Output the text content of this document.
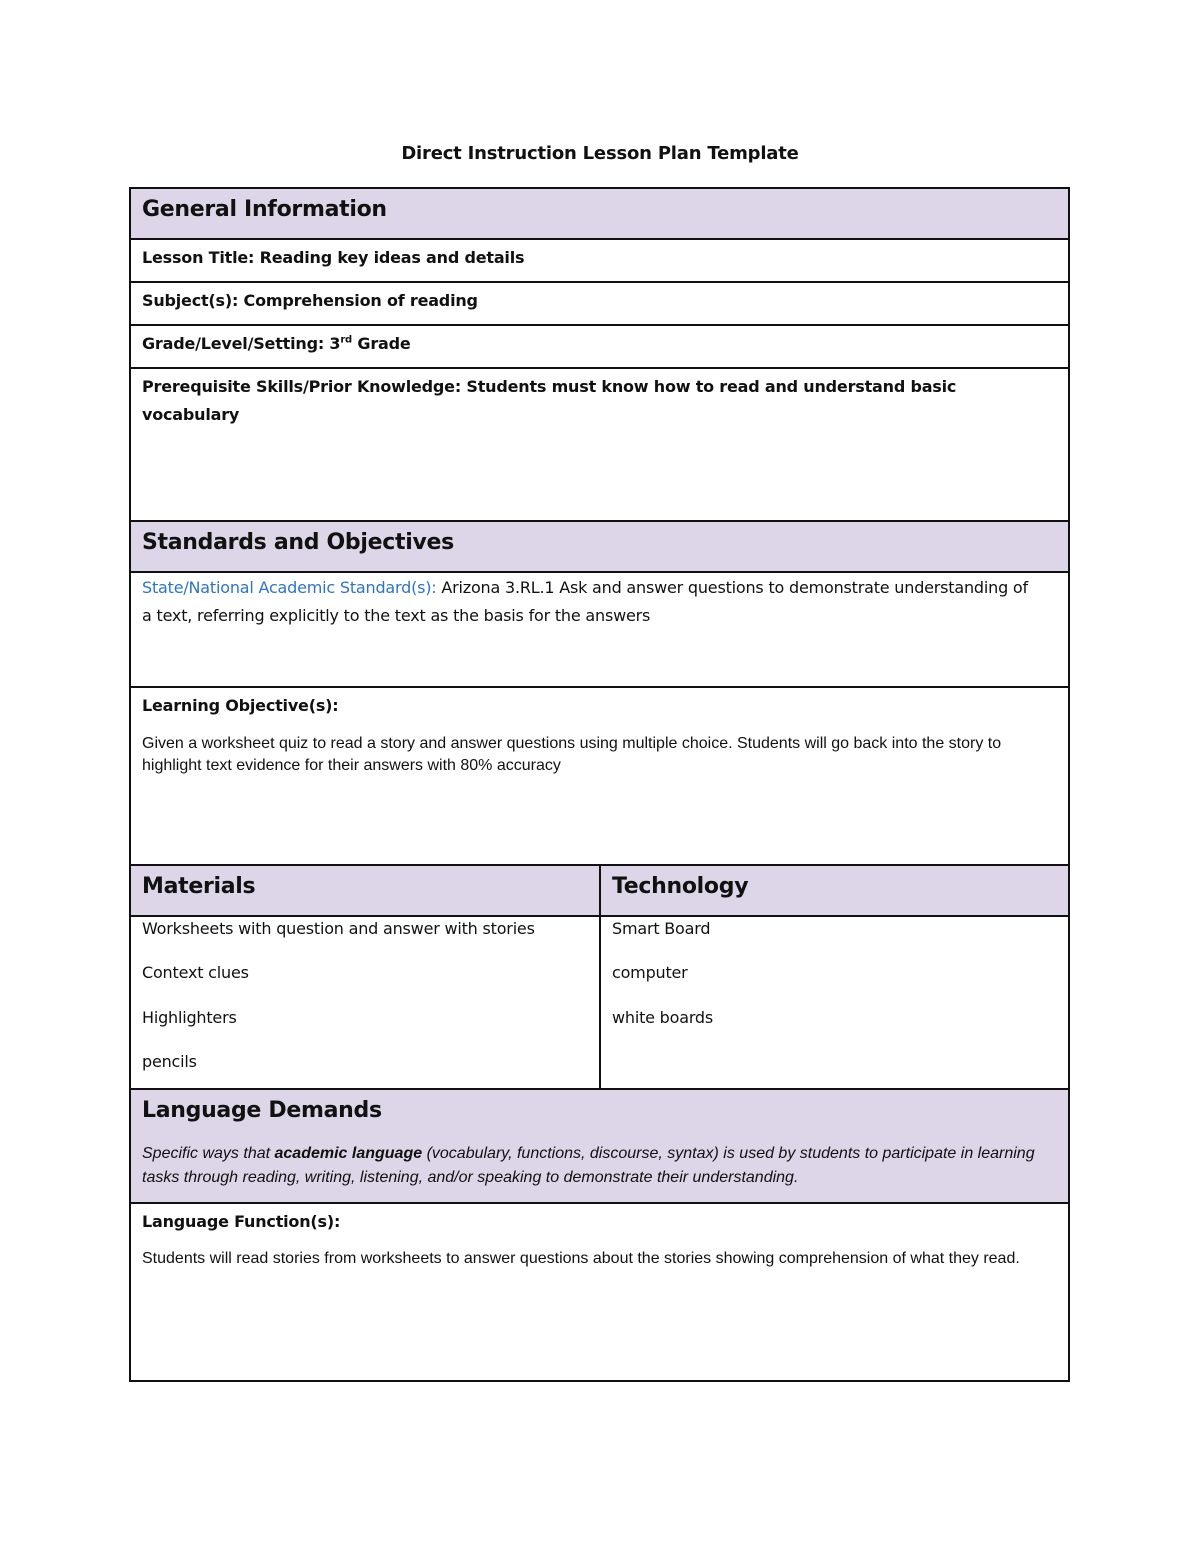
Direct Instruction Lesson Plan Template
General Information
Lesson Title: Reading key ideas and details
Subject(s): Comprehension of reading
Grade/Level/Setting: 3rd Grade
Prerequisite Skills/Prior Knowledge: Students must know how to read and understand basic vocabulary
Standards and Objectives
State/National Academic Standard(s): Arizona 3.RL.1 Ask and answer questions to demonstrate understanding of a text, referring explicitly to the text as the basis for the answers
Learning Objective(s):
Given a worksheet quiz to read a story and answer questions using multiple choice. Students will go back into the story to highlight text evidence for their answers with 80% accuracy
Materials	Technology
Worksheets with question and answer with stories
Context clues
Highlighters
pencils
Smart Board
computer
white boards
Language Demands
Specific ways that academic language (vocabulary, functions, discourse, syntax) is used by students to participate in learning tasks through reading, writing, listening, and/or speaking to demonstrate their understanding.
Language Function(s):
Students will read stories from worksheets to answer questions about the stories showing comprehension of what they read.
